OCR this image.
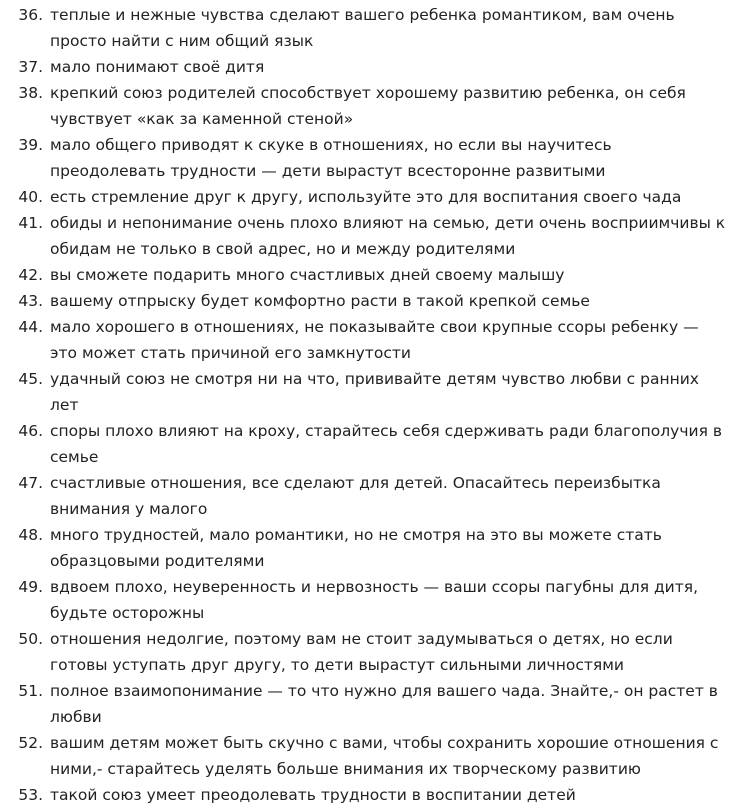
36. теплые и нежные чувства сделают вашего ребенка романтиком, вам очень просто найти с ним общий язык
37. мало понимают своё дитя
38. крепкий союз родителей способствует хорошему развитию ребенка, он себя чувствует «как за каменной стеной»
39. мало общего приводят к скуке в отношениях, но если вы научитесь преодолевать трудности — дети вырастут всесторонне развитыми
40. есть стремление друг к другу, используйте это для воспитания своего чада
41. обиды и непонимание очень плохо влияют на семью, дети очень восприимчивы к обидам не только в свой адрес, но и между родителями
42. вы сможете подарить много счастливых дней своему малышу
43. вашему отпрыску будет комфортно расти в такой крепкой семье
44. мало хорошего в отношениях, не показывайте свои крупные ссоры ребенку — это может стать причиной его замкнутости
45. удачный союз не смотря ни на что, прививайте детям чувство любви с ранних лет
46. споры плохо влияют на кроху, старайтесь себя сдерживать ради благополучия в семье
47. счастливые отношения, все сделают для детей. Опасайтесь переизбытка внимания у малого
48. много трудностей, мало романтики, но не смотря на это вы можете стать образцовыми родителями
49. вдвоем плохо, неуверенность и нервозность — ваши ссоры пагубны для дитя, будьте осторожны
50. отношения недолгие, поэтому вам не стоит задумываться о детях, но если готовы уступать друг другу, то дети вырастут сильными личностями
51. полное взаимопонимание — то что нужно для вашего чада. Знайте,- он растет в любви
52. вашим детям может быть скучно с вами, чтобы сохранить хорошие отношения с ними,- старайтесь уделять больше внимания их творческому развитию
53. такой союз умеет преодолевать трудности в воспитании детей
